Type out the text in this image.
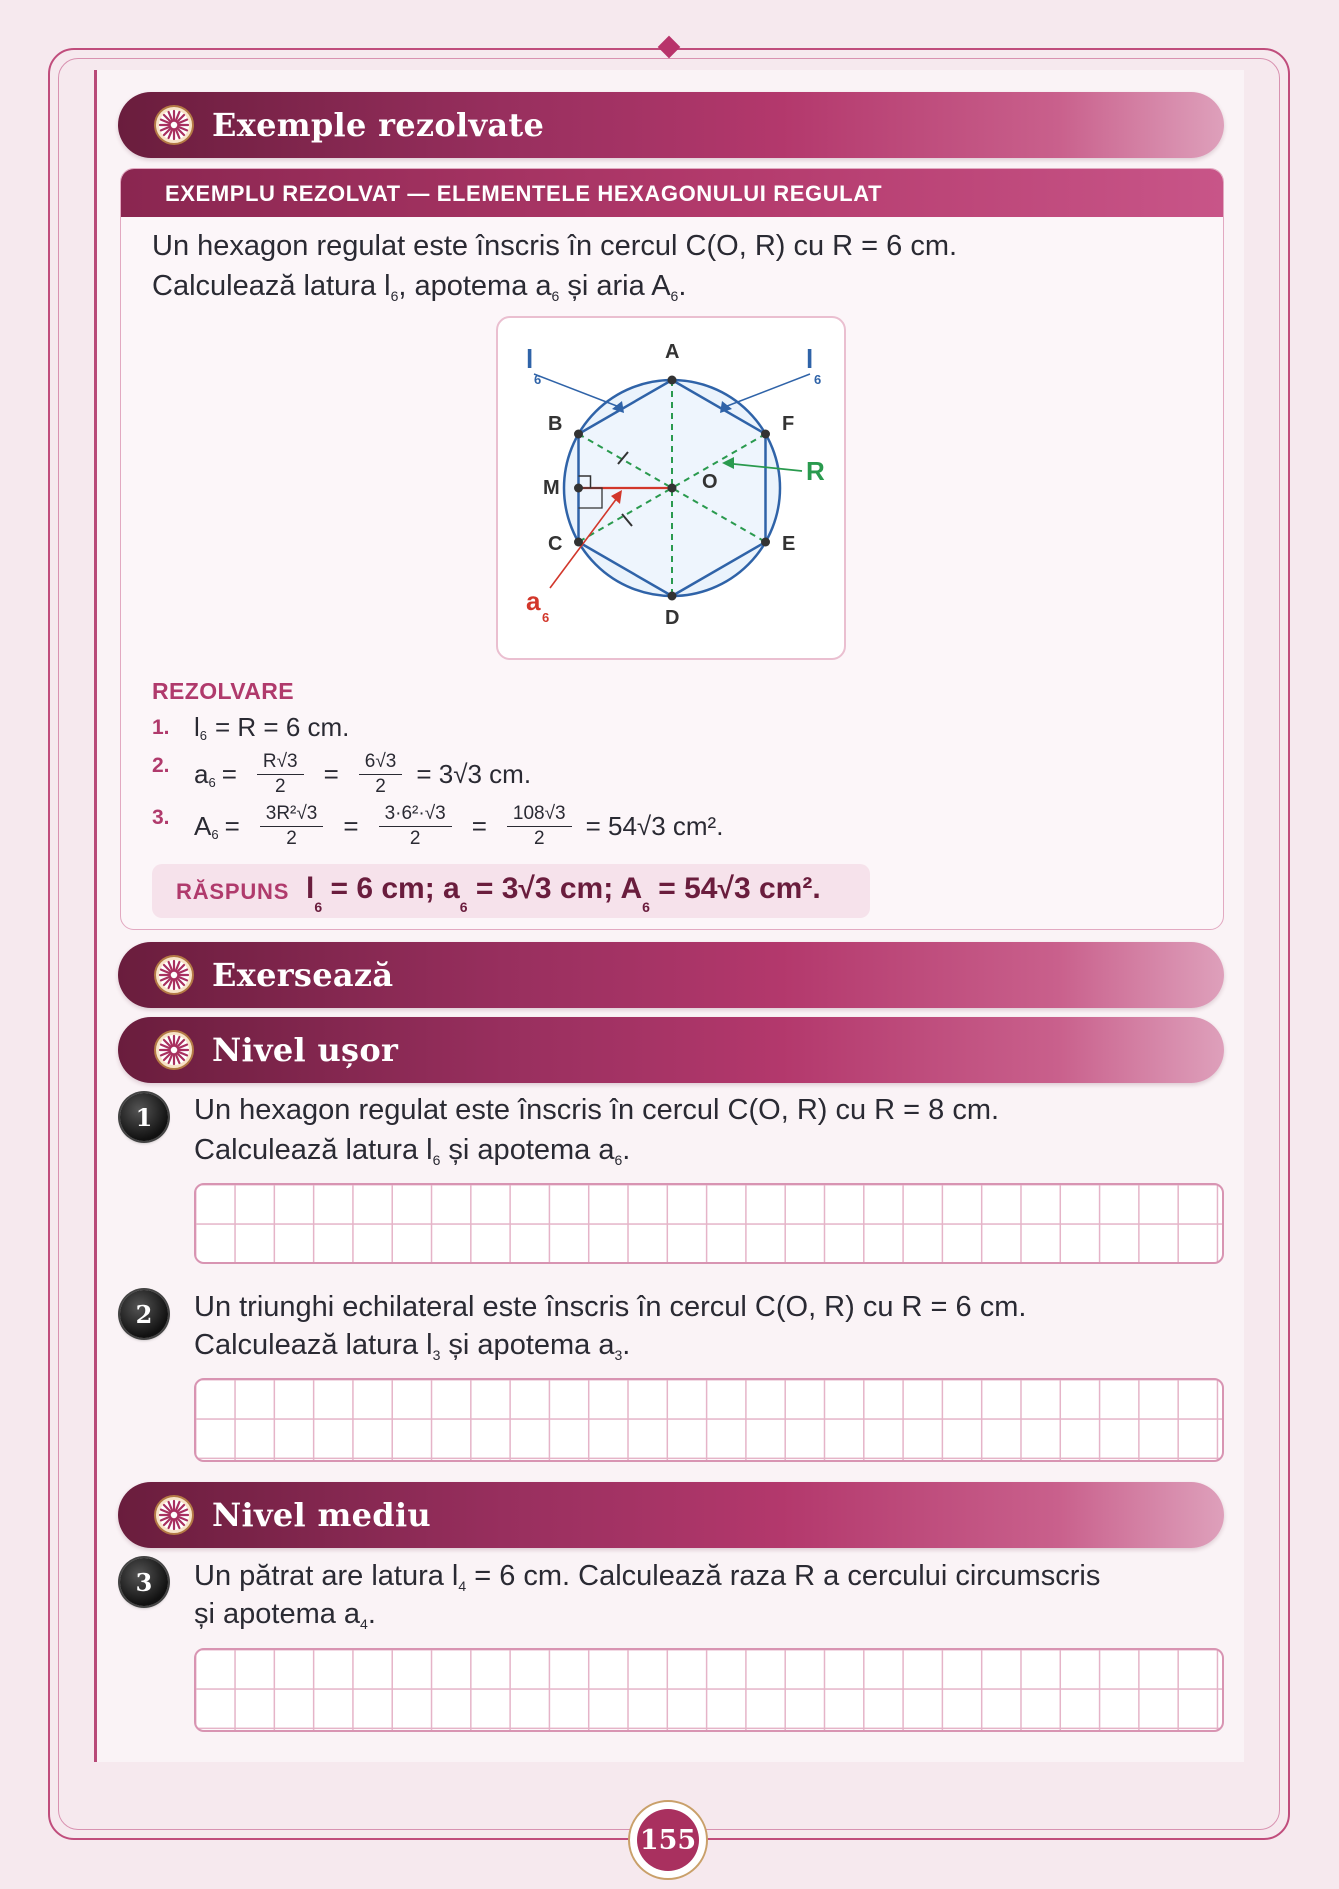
Exemple rezolvate
EXEMPLU REZOLVAT — ELEMENTELE HEXAGONULUI REGULAT
Un hexagon regulat este înscris în cercul C(O, R) cu R = 6 cm.
Calculează latura $l_6$, apotema $a_6$ și aria $A_6$.
A
B
C
D
E
F
O
M
l
6
l
6
R
a
6
REZOLVARE
1. $l_6 = R = 6$ cm.
2. $a_6 = \frac{R√3}{2} = \frac{6√3}{2} = 3√3$ cm.
3. $A_6 = \frac{\text{3R²√3}}{2} = \frac{\text{3·6²·√3}}{2} = \frac{108√3}{2} = 54√3$ cm².
RĂSPUNS $l_6 = 6$ cm; $a_6 = 3√3$ cm; $A_6 = 54√3$ cm².
Exersează
Nivel ușor
1	Un hexagon regulat este înscris în cercul C(O, R) cu R = 8 cm.
Calculează latura $l_6$ și apotema $a_6$.
2	Un triunghi echilateral este înscris în cercul C(O, R) cu R = 6 cm.
Calculează latura $l_3$ și apotema $a_3$.
Nivel mediu
3	Un pătrat are latura $l_4 = 6$ cm. Calculează raza R a cercului circumscris
și apotema $a_4$.
155
